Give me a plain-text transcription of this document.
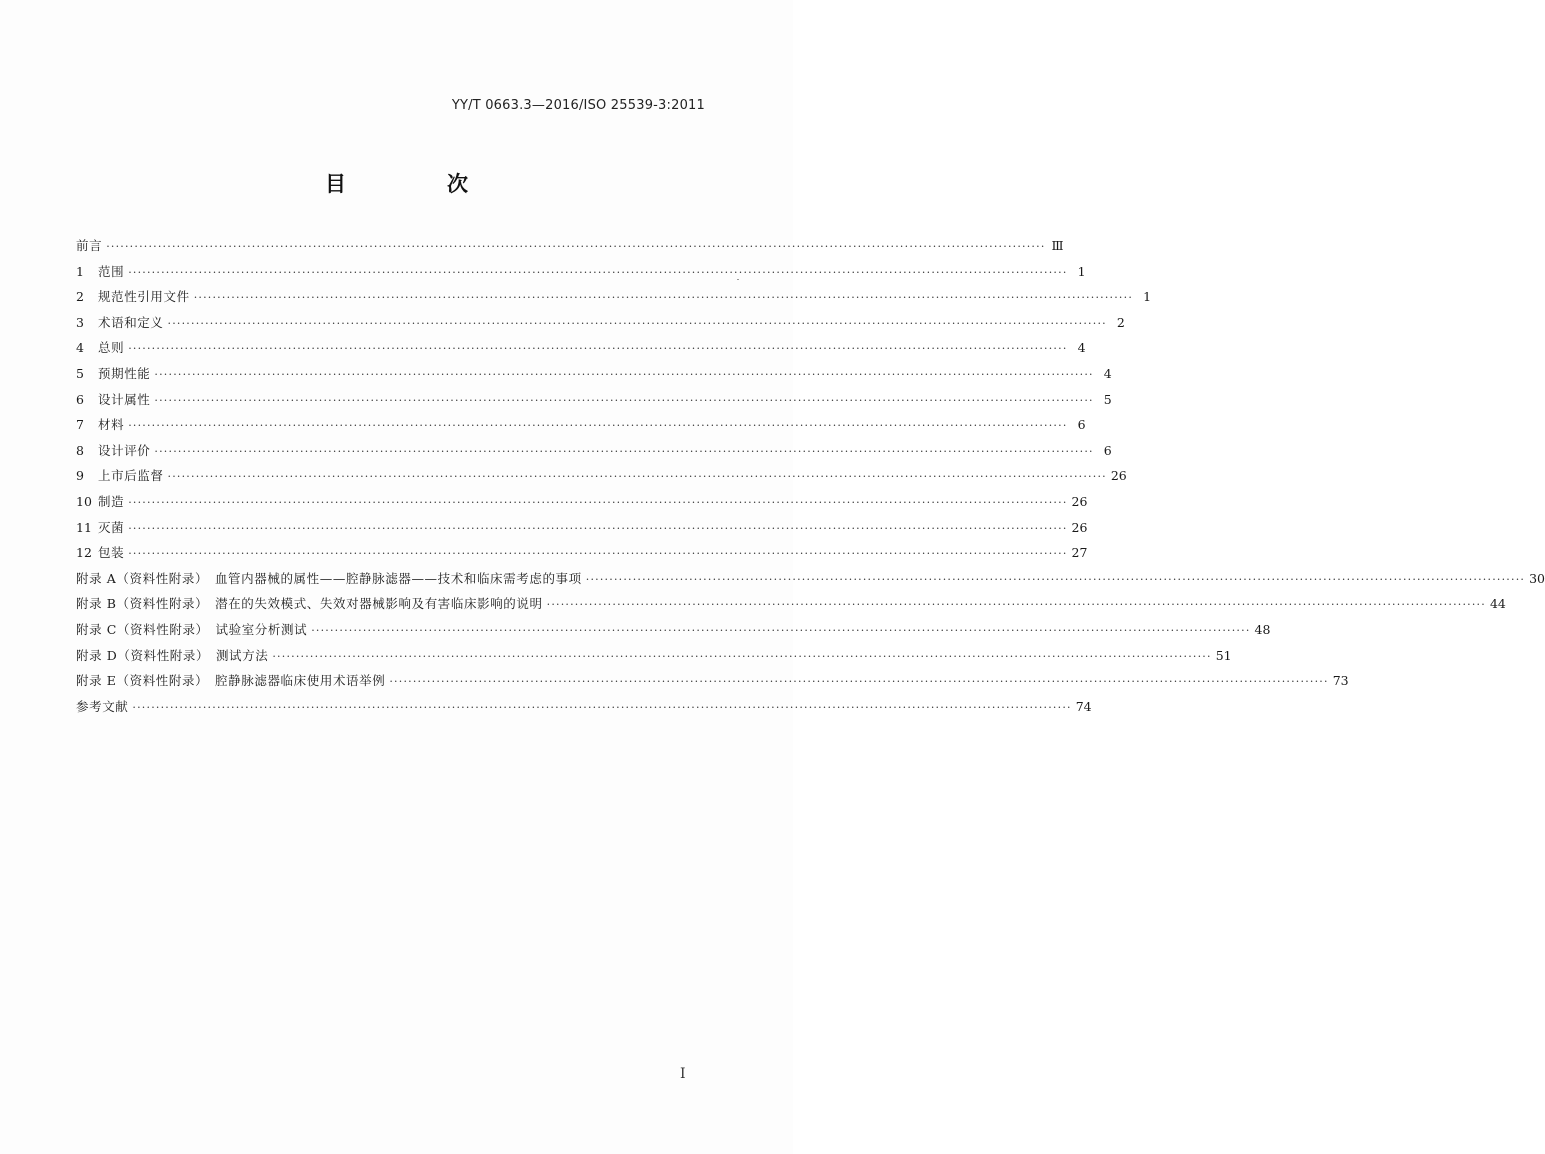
YY/T 0663.3—2016/ISO 25539-3:2011
目　次
前言 ········································································································································································································ Ⅲ
1	范围 ········································································································································································································ 1
2	规范性引用文件 ········································································································································································································ 1
3	术语和定义 ········································································································································································································ 2
4	总则 ········································································································································································································ 4
5	预期性能 ········································································································································································································ 4
6	设计属性 ········································································································································································································ 5
7	材料 ········································································································································································································ 6
8	设计评价 ········································································································································································································ 6
9	上市后监督 ········································································································································································································ 26
10 制造 ········································································································································································································ 26
11 灭菌 ········································································································································································································ 26
12 包装 ········································································································································································································ 27
附录 A（资料性附录）　血管内器械的属性——腔静脉滤器——技术和临床需考虑的事项 ········································································································································································································ 30
附录 B（资料性附录）　潜在的失效模式、失效对器械影响及有害临床影响的说明 ········································································································································································································ 44
附录 C（资料性附录）　试验室分析测试 ········································································································································································································ 48
附录 D（资料性附录）　测试方法 ········································································································································································································ 51
附录 E（资料性附录）　腔静脉滤器临床使用术语举例 ········································································································································································································ 73
参考文献 ········································································································································································································ 74
I
